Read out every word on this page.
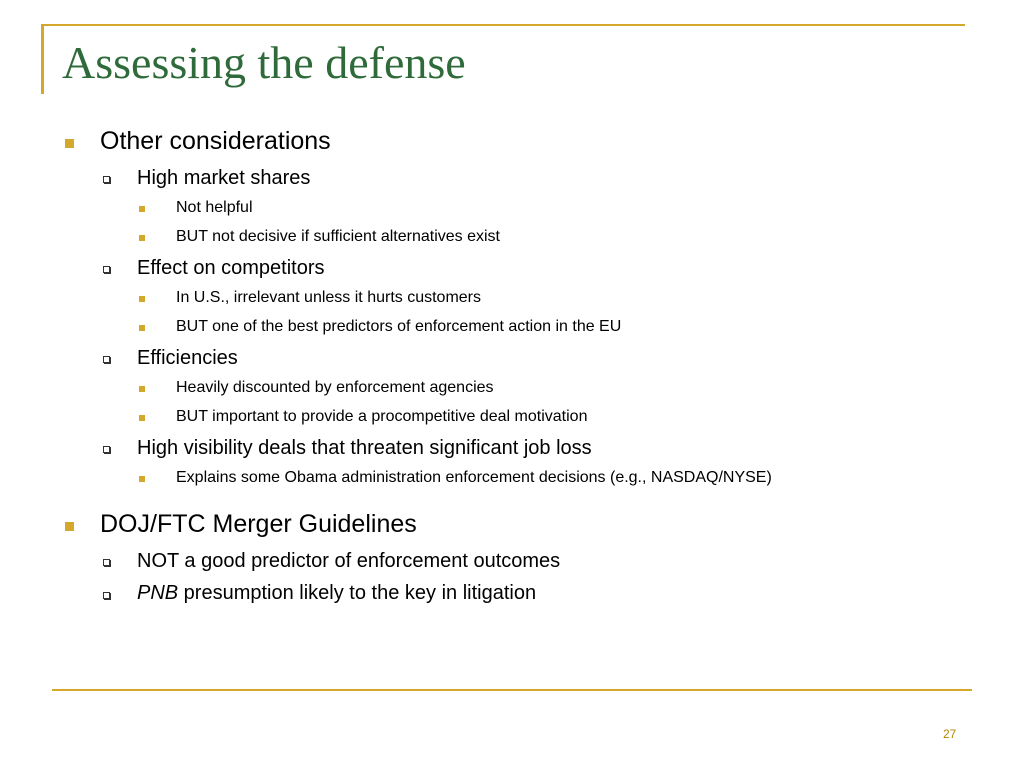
Assessing the defense
Other considerations
High market shares
Not helpful
BUT not decisive if sufficient alternatives exist
Effect on competitors
In U.S., irrelevant unless it hurts customers
BUT one of the best predictors of enforcement action in the EU
Efficiencies
Heavily discounted by enforcement agencies
BUT important to provide a procompetitive deal motivation
High visibility deals that threaten significant job loss
Explains some Obama administration enforcement decisions (e.g., NASDAQ/NYSE)
DOJ/FTC Merger Guidelines
NOT a good predictor of enforcement outcomes
PNB presumption likely to the key in litigation
27
